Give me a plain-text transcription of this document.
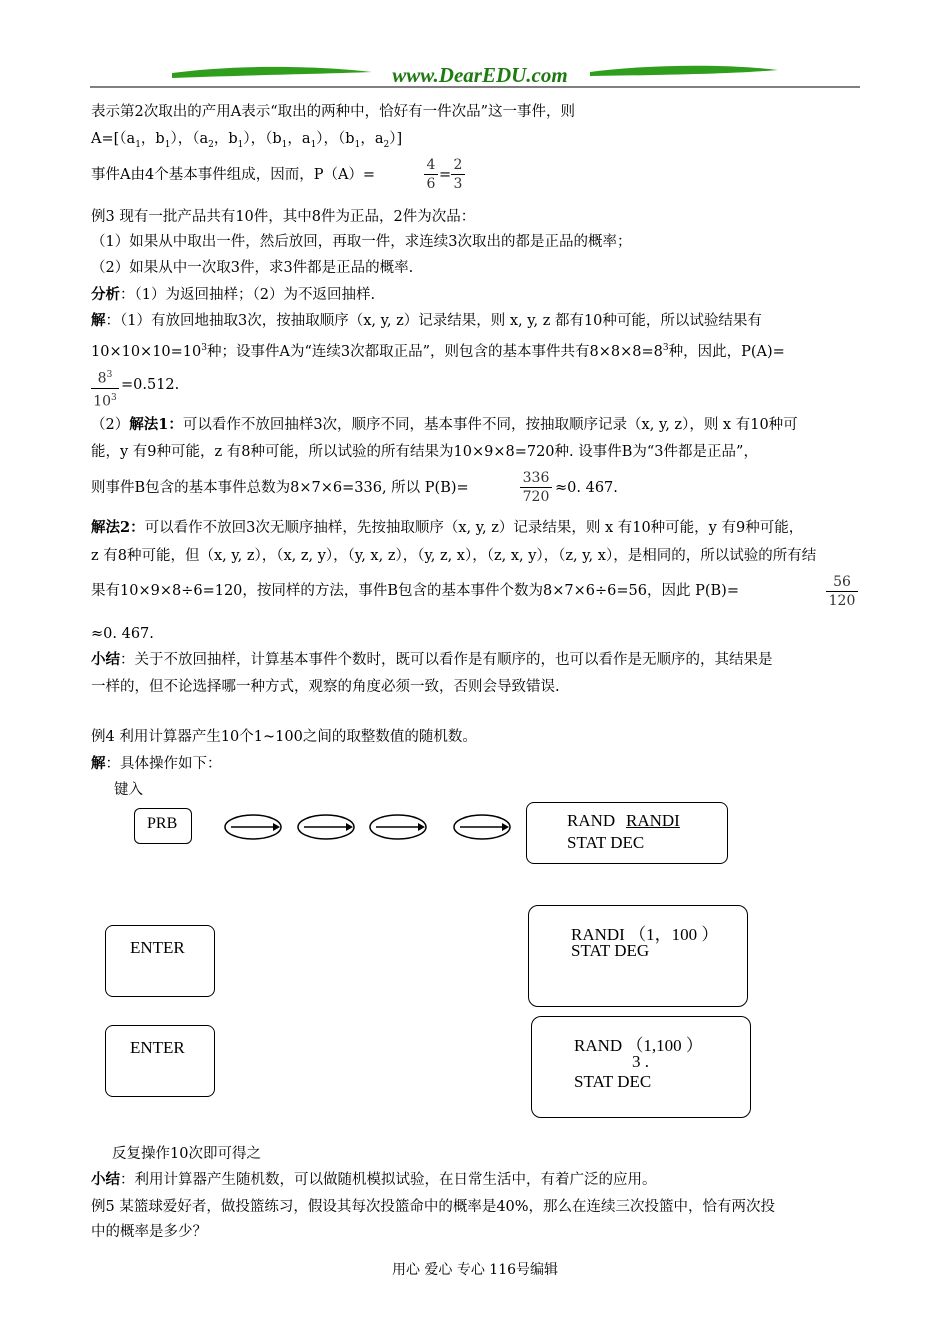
www.DearEDU.com
表示第2次取出的产用A表示“取出的两种中，恰好有一件次品”这一事件，则
$A=[(a_1$，$b_1$），（$a_2$，$b_1$），（$b_1$，$a_1$），（$b_1$，$a_2$）]
事件A由4个基本事件组成，因而，P（A）=	$\frac{4}{6} = \frac{2}{3}$
例3 现有一批产品共有10件，其中8件为正品，2件为次品：
（1）如果从中取出一件，然后放回，再取一件，求连续3次取出的都是正品的概率；
（2）如果从中一次取3件，求3件都是正品的概率.
分析：（1）为返回抽样；（2）为不返回抽样.
解：（1）有放回地抽取3次，按抽取顺序（x, y, z）记录结果，则 x, y, z 都有10种可能，所以试验结果有
$10\times 10\times 10=10^3$种；设事件A为“连续3次都取正品”，则包含的基本事件共有$8\times 8\times 8=8^3$种，因此，P(A)=
$\frac{8^3}{10^3} =0.512$.
（2）解法1：可以看作不放回抽样3次，顺序不同，基本事件不同，按抽取顺序记录（x, y, z），则 x 有10种可
能，y 有9种可能，z 有8种可能，所以试验的所有结果为10×9×8=720种. 设事件B为“3件都是正品”，
则事件B包含的基本事件总数为8×7×6=336, 所以 P(B)=	$\frac{336}{720} \approx 0$. 467.
解法2：可以看作不放回3次无顺序抽样，先按抽取顺序（x, y, z）记录结果，则 x 有10种可能，y 有9种可能，
z 有8种可能，但（x, y, z），（x, z, y），（y, x, z），（y, z, x），（z, x, y），（z, y, x），是相同的，所以试验的所有结
果有10×9×8÷6=120，按同样的方法，事件B包含的基本事件个数为8×7×6÷6=56，因此 P(B)=	$\frac{56}{120}$
≈0. 467.
小结：关于不放回抽样，计算基本事件个数时，既可以看作是有顺序的，也可以看作是无顺序的，其结果是
一样的，但不论选择哪一种方式，观察的角度必须一致，否则会导致错误.
例4 利用计算器产生10个1~100之间的取整数值的随机数。
解：具体操作如下：
键入
PRB	RAND RANDI
STAT DEC
ENTER
RANDI （1，100 ）
STAT DEG
ENTER	RAND （1,100 ）
3 .
STAT DEC
反复操作10次即可得之
小结：利用计算器产生随机数，可以做随机模拟试验，在日常生活中，有着广泛的应用。
例5 某篮球爱好者，做投篮练习，假设其每次投篮命中的概率是40%，那么在连续三次投篮中，恰有两次投
中的概率是多少？
用心 爱心 专心 116号编辑
